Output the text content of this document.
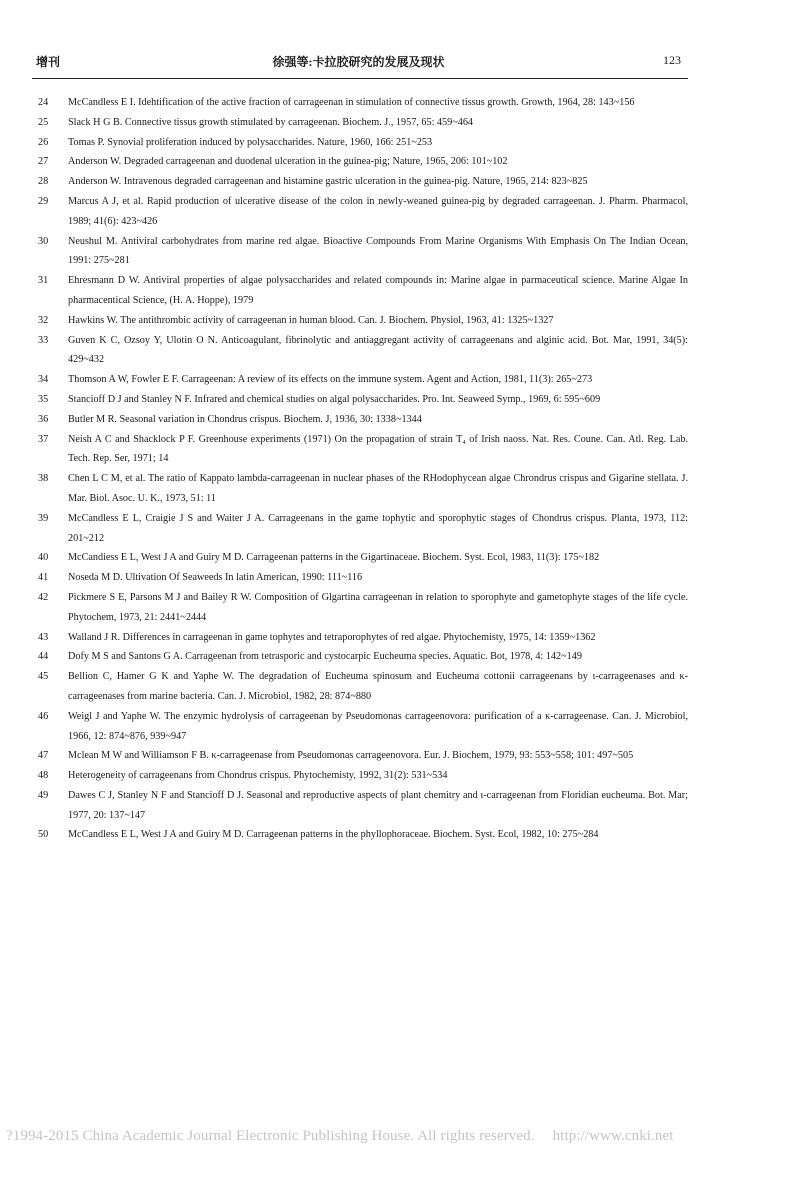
增刊	徐强等:卡拉胶研究的发展及现状	123
24 McCandless E I. Idehtification of the active fraction of carrageenan in stimulation of connective tissus growth. Growth, 1964, 28: 143~156
25 Slack H G B. Connective tissus growth stimulated by carrageenan. Biochem. J., 1957, 65: 459~464
26 Tomas P. Synovial proliferation induced by polysaccharides. Nature, 1960, 166: 251~253
27 Anderson W. Degraded carrageenan and duodenal ulceration in the guinea-pig; Nature, 1965, 206: 101~102
28 Anderson W. Intravenous degraded carrageenan and histamine gastric ulceration in the guinea-pig. Nature, 1965, 214: 823~825
29 Marcus A J, et al. Rapid production of ulcerative disease of the colon in newly-weaned guinea-pig by degraded carrageenan. J. Pharm. Pharmacol, 1989; 41(6): 423~426
30 Neushul M. Antiviral carbohydrates from marine red algae. Bioactive Compounds From Marine Organisms With Emphasis On The Indian Ocean, 1991: 275~281
31 Ehresmann D W. Antiviral properties of algae polysaccharides and related compounds in: Marine algae in parmaceutical science. Marine Algae In pharmacentical Science, (H. A. Hoppe), 1979
32 Hawkins W. The antithrombic activity of carrageenan in human blood. Can. J. Biochem. Physiol, 1963, 41: 1325~1327
33 Guven K C, Ozsoy Y, Ulotin O N. Anticoagulant, fibrinolytic and antiaggregant activity of carrageenans and alginic acid. Bot. Mar, 1991, 34(5): 429~432
34 Thomson A W, Fowler E F. Carrageenan: A review of its effects on the immune system. Agent and Action, 1981, 11(3): 265~273
35 Stancioff D J and Stanley N F. Infrared and chemical studies on algal polysaccharides. Pro. Int. Seaweed Symp., 1969, 6: 595~609
36 Butler M R. Seasonal variation in Chondrus crispus. Biochem. J, 1936, 30: 1338~1344
37 Neish A C and Shacklock P F. Greenhouse experiments (1971) On the propagation of strain T₄ of Irish naoss. Nat. Res. Coune. Can. Atl. Reg. Lab. Tech. Rep. Ser, 1971; 14
38 Chen L C M, et al. The ratio of Kappato lambda-carrageenan in nuclear phases of the RHodophycean algae Chrondrus crispus and Gigarine stellata. J. Mar. Biol. Asoc. U. K., 1973, 51: 11
39 McCandless E L, Craigie J S and Waiter J A. Carrageenans in the game tophytic and sporophytic stages of Chondrus crispus. Planta, 1973, 112: 201~212
40 McCandiess E L, West J A and Guiry M D. Carrageenan patterns in the Gigartinaceae. Biochem. Syst. Ecol, 1983, 11(3): 175~182
41 Noseda M D. Ultivation Of Seaweeds In latin American, 1990: 111~116
42 Pickmere S E, Parsons M J and Bailey R W. Composition of Glgartina carrageenan in relation to sporophyte and gametophyte stages of the life cycle. Phytochem, 1973, 21: 2441~2444
43 Walland J R. Differences in carrageenan in game tophytes and tetraporophytes of red algae. Phytochemisty, 1975, 14: 1359~1362
44 Dofy M S and Santons G A. Carrageenan from tetrasporic and cystocarpic Eucheuma species. Aquatic. Bot, 1978, 4: 142~149
45 Bellion C, Hamer G K and Yaphe W. The degradation of Eucheuma spinosum and Eucheuma cottonii carrageenans by ι-carrageenases and κ-carrageenases from marine bacteria. Can. J. Microbiol, 1982, 28: 874~880
46 Weigl J and Yaphe W. The enzymic hydrolysis of carrageenan by Pseudomonas carrageenovora: purification of a κ-carrageenase. Can. J. Microbiol, 1966, 12: 874~876, 939~947
47 Mclean M W and Williamson F B. κ-carrageenase from Pseudomonas carrageenovora. Eur. J. Biochem, 1979, 93: 553~558; 101: 497~505
48 Heterogeneity of carrageenans from Chondrus crispus. Phytochemisty, 1992, 31(2): 531~534
49 Dawes C J, Stanley N F and Stancioff D J. Seasonal and reproductive aspects of plant chemitry and ι-carrageenan from Floridian eucheuma. Bot. Mar; 1977, 20: 137~147
50 McCandless E L, West J A and Guiry M D. Carrageenan patterns in the phyllophoraceae. Biochem. Syst. Ecol, 1982, 10: 275~284
?1994-2015 China Academic Journal Electronic Publishing House. All rights reserved. http://www.cnki.net
